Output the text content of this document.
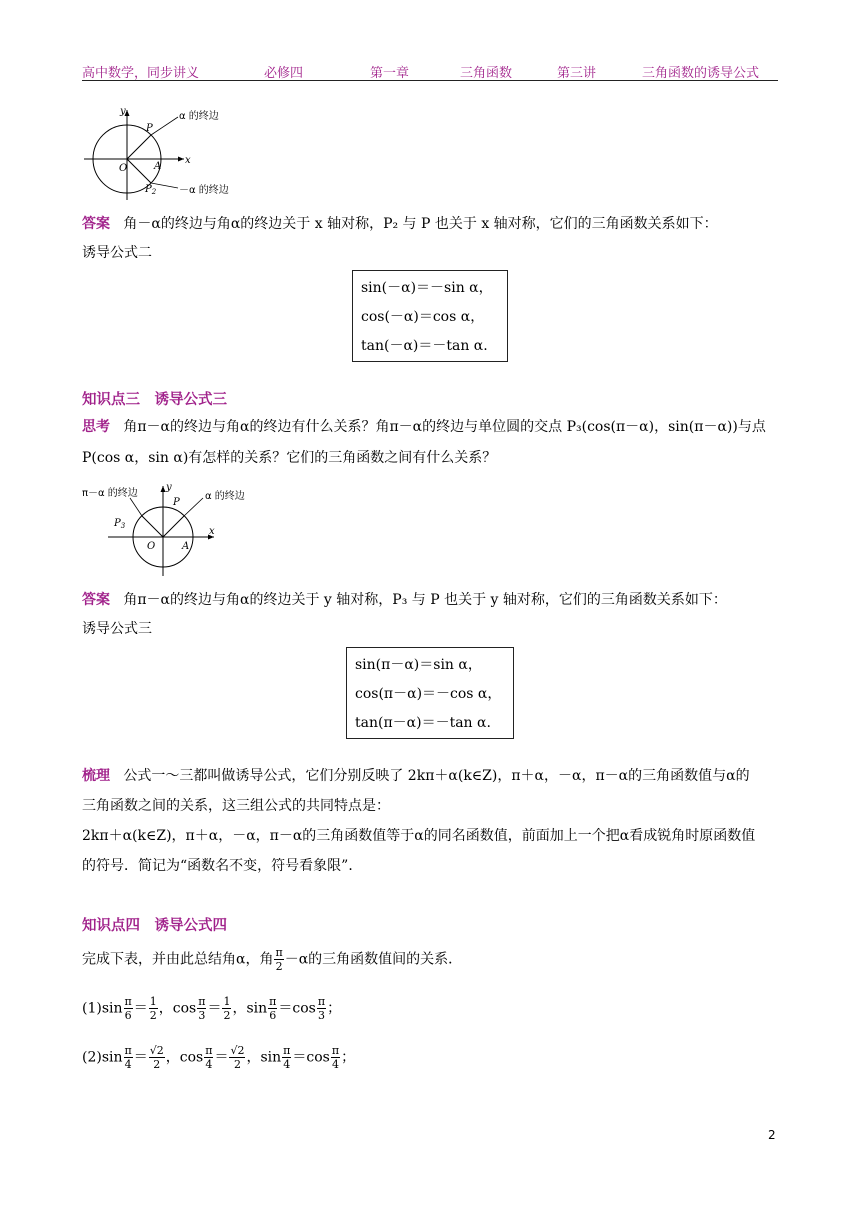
高中数学，同步讲义	必修四	第一章	三角函数	第三讲	三角函数的诱导公式
y
x
O
P
A
$P_2$
α 的终边
－α 的终边
答案 角－α的终边与角α的终边关于 x 轴对称，P₂ 与 P 也关于 x 轴对称，它们的三角函数关系如下：
诱导公式二
sin(－α)＝－sin α，
cos(－α)＝cos α，
tan(－α)＝－tan α.
知识点三　诱导公式三
思考 角π－α的终边与角α的终边有什么关系？角π－α的终边与单位圆的交点 P₃(cos(π－α)，sin(π－α))与点
P(cos α，sin α)有怎样的关系？它们的三角函数之间有什么关系？
π－α 的终边	α 的终边
y
x
O
P
A
$P_3$
答案 角π－α的终边与角α的终边关于 y 轴对称，P₃ 与 P 也关于 y 轴对称，它们的三角函数关系如下：
诱导公式三
sin(π－α)＝sin α，
cos(π－α)＝－cos α，
tan(π－α)＝－tan α.
梳理 公式一～三都叫做诱导公式，它们分别反映了 2kπ＋α(k∈Z)，π＋α，－α，π－α的三角函数值与α的
三角函数之间的关系，这三组公式的共同特点是：
2kπ＋α(k∈Z)，π＋α，－α，π－α的三角函数值等于α的同名函数值，前面加上一个把α看成锐角时原函数值
的符号．简记为“函数名不变，符号看象限”．
知识点四　诱导公式四
完成下表，并由此总结角α，角 $\frac{\pi}{2} -\alpha$的三角函数值间的关系．
$(1)\sin \frac{\pi}{6} = \frac{1}{2}$ ，$\cos \frac{\pi}{3} = \frac{1}{2}$ ，$\sin \frac{\pi}{6} =\cos \frac{\pi}{3}$ ；
$(2)\sin \frac{\pi}{4} = \frac{√2}{2}$ ，$\cos \frac{\pi}{4} = \frac{√2}{2}$ ，$\sin \frac{\pi}{4} =\cos \frac{\pi}{4}$ ；
2
